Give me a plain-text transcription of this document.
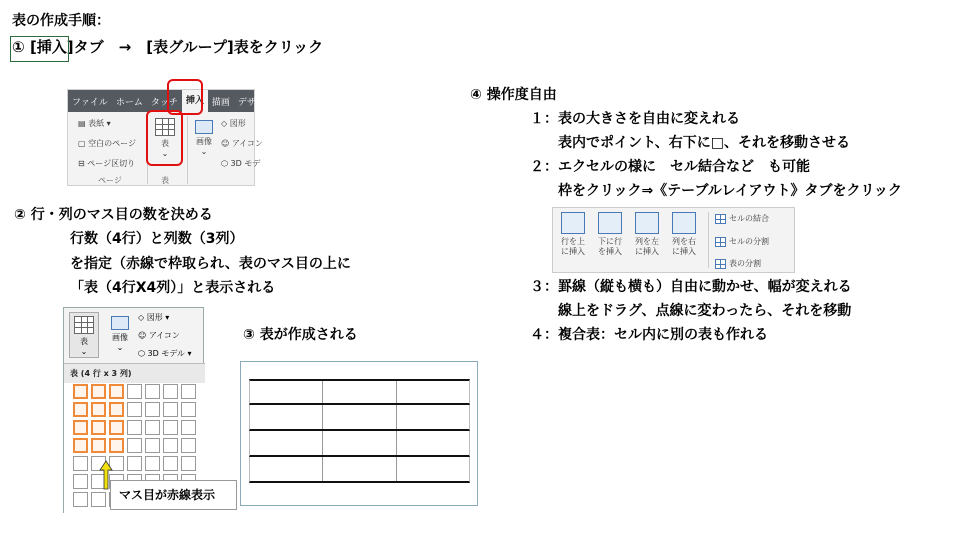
表の作成手順：
① [挿入]タブ　→　[表グループ]表をクリック
ファイル ホーム タッチ 挿入 描画 デザ
▤ 表紙 ▾
▢ 空白のページ
⊟ ページ区切り
ページ

表
⌄
表

画像
⌄
◇ 図形
☺ アイコン
⬡ 3D モデ
② 行・列のマス目の数を決める
行数（4行）と列数（3列）
を指定（赤線で枠取られ、表のマス目の上に
「表（4行X4列）」と表示される

表
⌄

画像
⌄
◇ 図形 ▾
☺ アイコン
⬡ 3D モデル ▾
表 (4 行 x 3 列)
マス目が赤線表示
③ 表が作成される
④ 操作度自由
１：表の大きさを自由に変えれる
表内でポイント、右下に□、それを移動させる
２：エクセルの様に　セル結合など　も可能
枠をクリック⇒《テーブルレイアウト》タブをクリック
３：罫線（縦も横も）自由に動かせ、幅が変えれる
線上をドラグ、点線に変わったら、それを移動
４：複合表：セル内に別の表も作れる
行を上
に挿入
下に行
を挿入
列を左
に挿入
列を右
に挿入
セルの結合
セルの分割
表の分割
